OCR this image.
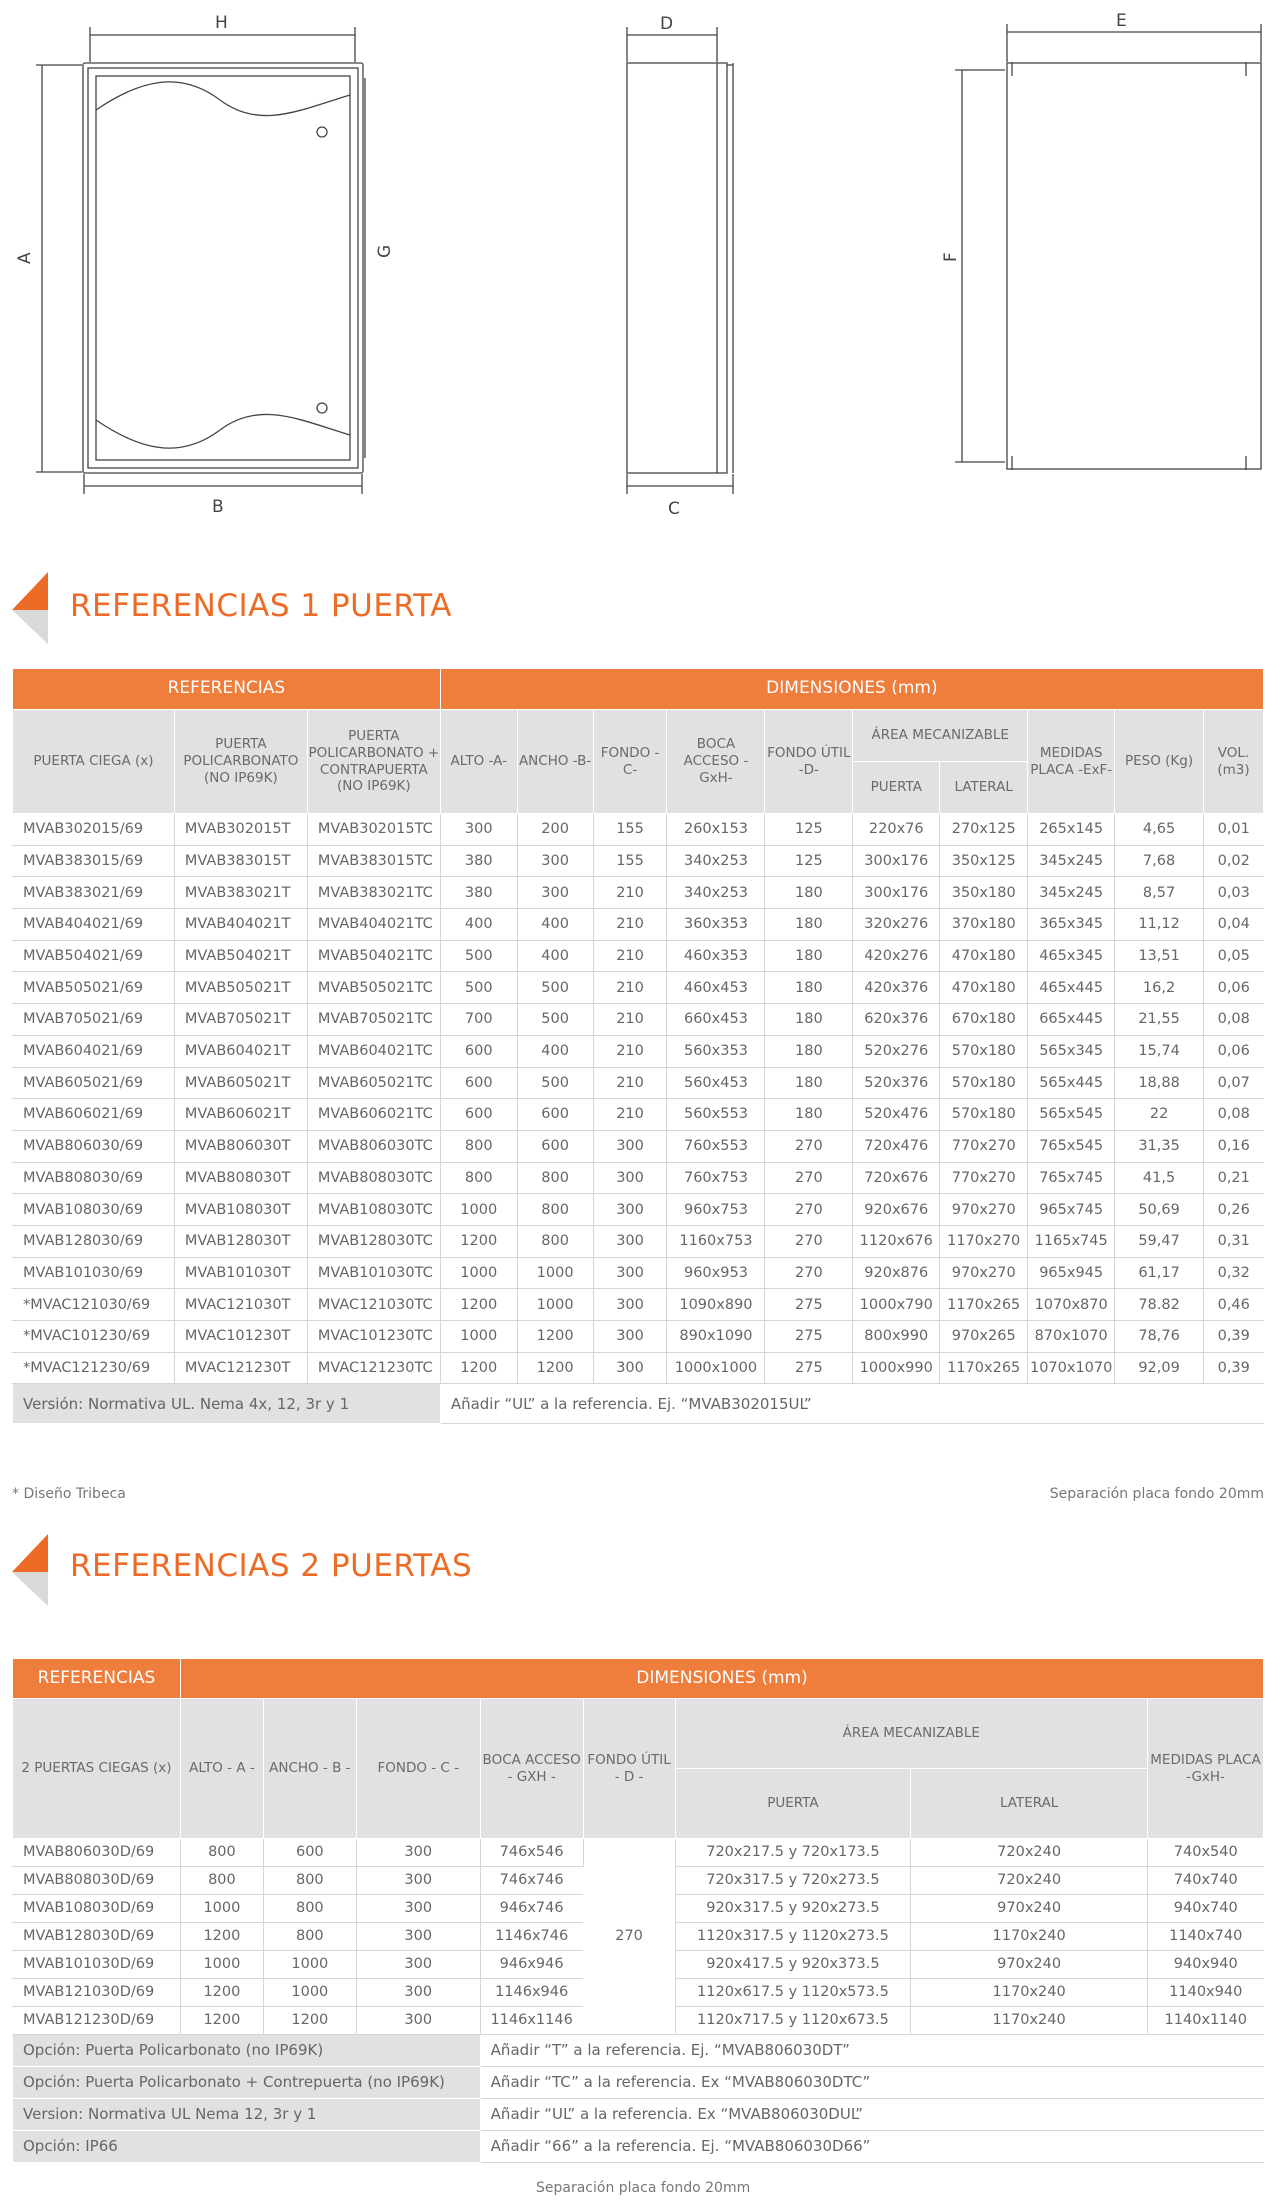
H	D	E
A
G	F
B	C
REFERENCIAS 1 PUERTA
REFERENCIAS			DIMENSIONES (mm)									
PUERTA CIEGA (x)	PUERTA POLICARBONATO (NO IP69K)	PUERTA POLICARBONATO + CONTRAPUERTA (NO IP69K)	ALTO -A-	ANCHO -B-	FONDO -C-	BOCA ACCESO -GxH-	FONDO ÚTIL -D-	ÁREA MECANIZABLE		MEDIDAS PLACA -ExF-	PESO (Kg)	VOL. (m3)
								PUERTA	LATERAL			
MVAB302015/69	MVAB302015T	MVAB302015TC	300	200	155	260x153	125	220x76	270x125	265x145	4,65	0,01
MVAB383015/69	MVAB383015T	MVAB383015TC	380	300	155	340x253	125	300x176	350x125	345x245	7,68	0,02
MVAB383021/69	MVAB383021T	MVAB383021TC	380	300	210	340x253	180	300x176	350x180	345x245	8,57	0,03
MVAB404021/69	MVAB404021T	MVAB404021TC	400	400	210	360x353	180	320x276	370x180	365x345	11,12	0,04
MVAB504021/69	MVAB504021T	MVAB504021TC	500	400	210	460x353	180	420x276	470x180	465x345	13,51	0,05
MVAB505021/69	MVAB505021T	MVAB505021TC	500	500	210	460x453	180	420x376	470x180	465x445	16,2	0,06
MVAB705021/69	MVAB705021T	MVAB705021TC	700	500	210	660x453	180	620x376	670x180	665x445	21,55	0,08
MVAB604021/69	MVAB604021T	MVAB604021TC	600	400	210	560x353	180	520x276	570x180	565x345	15,74	0,06
MVAB605021/69	MVAB605021T	MVAB605021TC	600	500	210	560x453	180	520x376	570x180	565x445	18,88	0,07
MVAB606021/69	MVAB606021T	MVAB606021TC	600	600	210	560x553	180	520x476	570x180	565x545	22	0,08
MVAB806030/69	MVAB806030T	MVAB806030TC	800	600	300	760x553	270	720x476	770x270	765x545	31,35	0,16
MVAB808030/69	MVAB808030T	MVAB808030TC	800	800	300	760x753	270	720x676	770x270	765x745	41,5	0,21
MVAB108030/69	MVAB108030T	MVAB108030TC	1000	800	300	960x753	270	920x676	970x270	965x745	50,69	0,26
MVAB128030/69	MVAB128030T	MVAB128030TC	1200	800	300	1160x753	270	1120x676	1170x270	1165x745	59,47	0,31
MVAB101030/69	MVAB101030T	MVAB101030TC	1000	1000	300	960x953	270	920x876	970x270	965x945	61,17	0,32
*MVAC121030/69	MVAC121030T	MVAC121030TC	1200	1000	300	1090x890	275	1000x790	1170x265	1070x870	78.82	0,46
*MVAC101230/69	MVAC101230T	MVAC101230TC	1000	1200	300	890x1090	275	800x990	970x265	870x1070	78,76	0,39
*MVAC121230/69	MVAC121230T	MVAC121230TC	1200	1200	300	1000x1000	275	1000x990	1170x265	1070x1070	92,09	0,39
Versión: Normativa UL. Nema 4x, 12, 3r y 1			Añadir “UL” a la referencia. Ej. “MVAB302015UL”									
* Diseño Tribeca	Separación placa fondo 20mm
REFERENCIAS 2 PUERTAS
REFERENCIAS	DIMENSIONES (mm)							
2 PUERTAS CIEGAS (x)	ALTO - A -	ANCHO - B -	FONDO - C -	BOCA ACCESO - GXH -	FONDO ÚTIL - D -	ÁREA MECANIZABLE		MEDIDAS PLACA -GxH-
						PUERTA	LATERAL	
MVAB806030D/69	800	600	300	746x546	270	720x217.5 y 720x173.5	720x240	740x540
MVAB808030D/69	800	800	300	746x746		720x317.5 y 720x273.5	720x240	740x740
MVAB108030D/69	1000	800	300	946x746		920x317.5 y 920x273.5	970x240	940x740
MVAB128030D/69	1200	800	300	1146x746		1120x317.5 y 1120x273.5	1170x240	1140x740
MVAB101030D/69	1000	1000	300	946x946		920x417.5 y 920x373.5	970x240	940x940
MVAB121030D/69	1200	1000	300	1146x946		1120x617.5 y 1120x573.5	1170x240	1140x940
MVAB121230D/69	1200	1200	300	1146x1146		1120x717.5 y 1120x673.5	1170x240	1140x1140
Opción: Puerta Policarbonato (no IP69K)				Añadir “T” a la referencia. Ej. “MVAB806030DT”				
Opción: Puerta Policarbonato + Contrepuerta (no IP69K)				Añadir “TC” a la referencia. Ex “MVAB806030DTC”				
Version: Normativa UL Nema 12, 3r y 1				Añadir “UL” a la referencia. Ex “MVAB806030DUL”				
Opción: IP66				Añadir “66” a la referencia. Ej. “MVAB806030D66”				
Separación placa fondo 20mm
